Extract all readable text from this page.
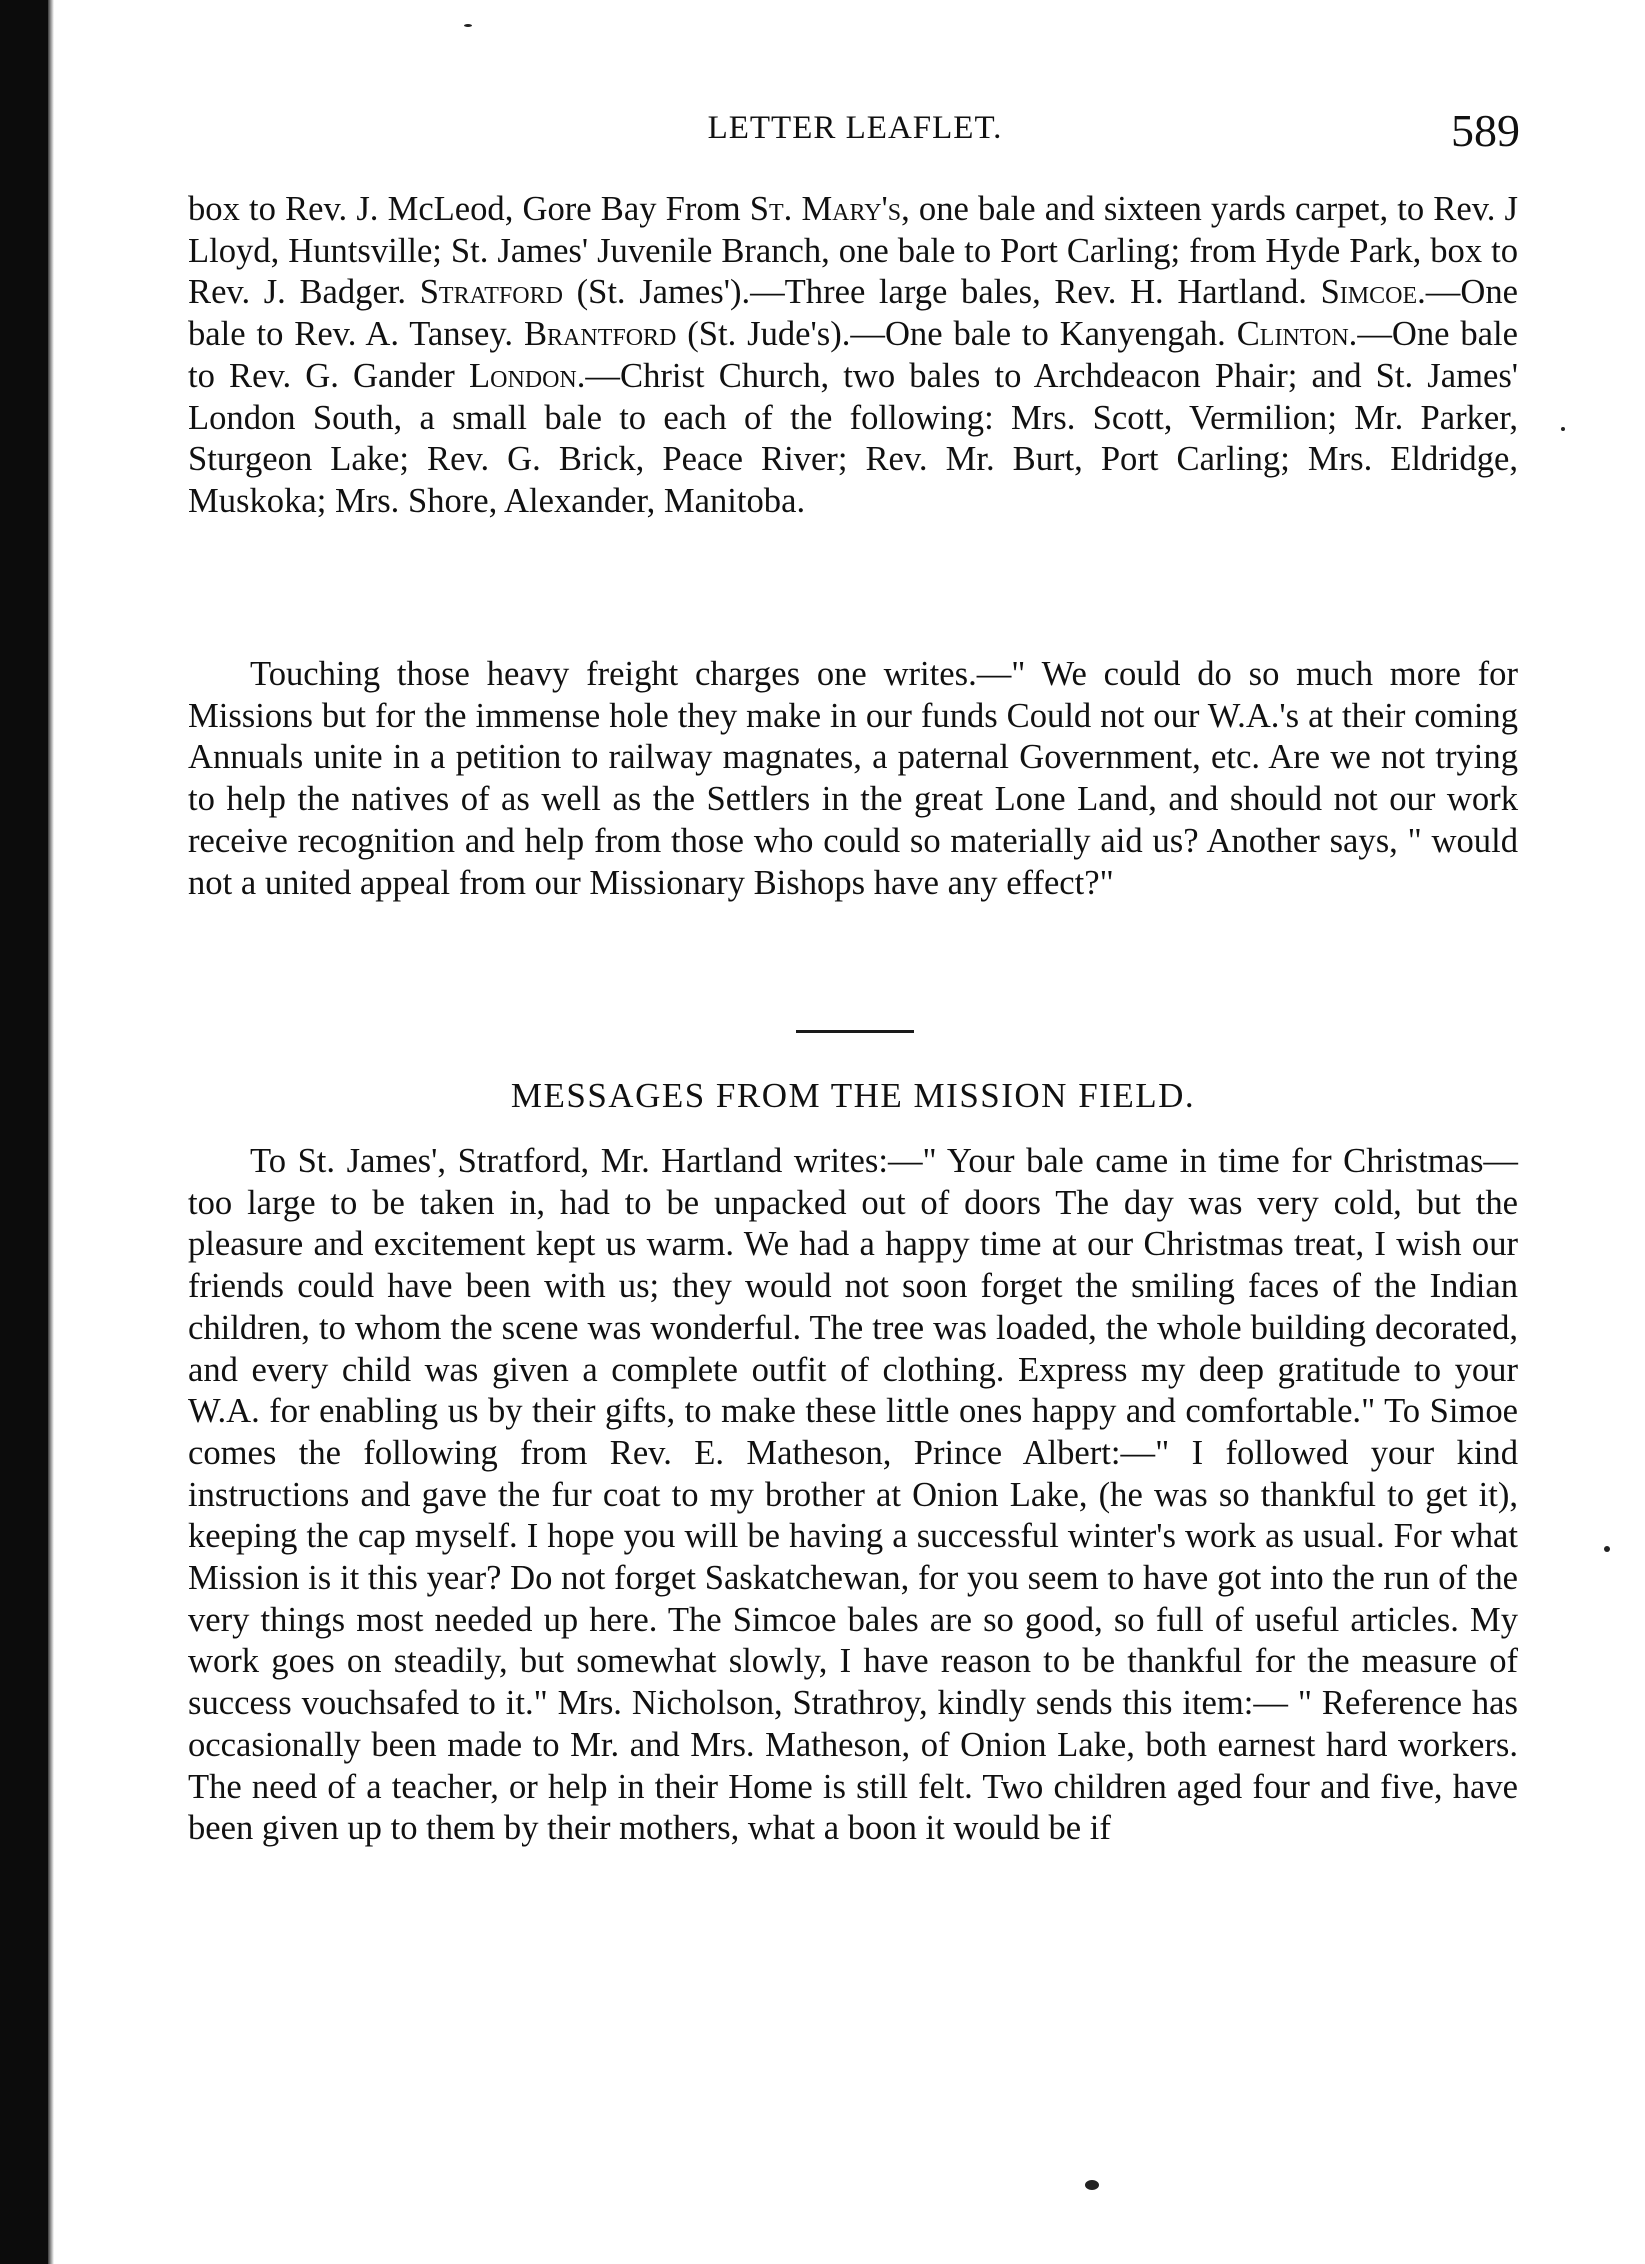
LETTER LEAFLET.	589

box to Rev. J. McLeod, Gore Bay From St. Mary's, one bale and sixteen yards carpet, to Rev. J Lloyd, Huntsville; St. James' Juvenile Branch, one bale to Port Carling; from Hyde Park, box to Rev. J. Badger. Stratford (St. James').—Three large bales, Rev. H. Hartland. Simcoe.—One bale to Rev. A. Tansey. Brantford (St. Jude's).—One bale to Kanyengah. Clinton.—One bale to Rev. G. Gander London.—Christ Church, two bales to Archdeacon Phair; and St. James' London South, a small bale to each of the following: Mrs. Scott, Vermilion; Mr. Parker, Sturgeon Lake; Rev. G. Brick, Peace River; Rev. Mr. Burt, Port Carling; Mrs. Eldridge, Muskoka; Mrs. Shore, Alexander, Manitoba.

Touching those heavy freight charges one writes.—" We could do so much more for Missions but for the immense hole they make in our funds Could not our W.A.'s at their coming Annuals unite in a petition to railway magnates, a paternal Government, etc. Are we not trying to help the natives of as well as the Settlers in the great Lone Land, and should not our work receive recognition and help from those who could so materially aid us? Another says, " would not a united appeal from our Missionary Bishops have any effect?"

MESSAGES FROM THE MISSION FIELD.

To St. James', Stratford, Mr. Hartland writes:—" Your bale came in time for Christmas—too large to be taken in, had to be unpacked out of doors The day was very cold, but the pleasure and excitement kept us warm. We had a happy time at our Christmas treat, I wish our friends could have been with us; they would not soon forget the smiling faces of the Indian children, to whom the scene was wonderful. The tree was loaded, the whole building decorated, and every child was given a complete outfit of clothing. Express my deep gratitude to your W.A. for enabling us by their gifts, to make these little ones happy and comfortable." To Simoe comes the following from Rev. E. Matheson, Prince Albert:—" I followed your kind instructions and gave the fur coat to my brother at Onion Lake, (he was so thankful to get it), keeping the cap myself. I hope you will be having a successful winter's work as usual. For what Mission is it this year? Do not forget Saskatchewan, for you seem to have got into the run of the very things most needed up here. The Simcoe bales are so good, so full of useful articles. My work goes on steadily, but somewhat slowly, I have reason to be thankful for the measure of success vouchsafed to it." Mrs. Nicholson, Strathroy, kindly sends this item:— " Reference has occasionally been made to Mr. and Mrs. Matheson, of Onion Lake, both earnest hard workers. The need of a teacher, or help in their Home is still felt. Two children aged four and five, have been given up to them by their mothers, what a boon it would be if
